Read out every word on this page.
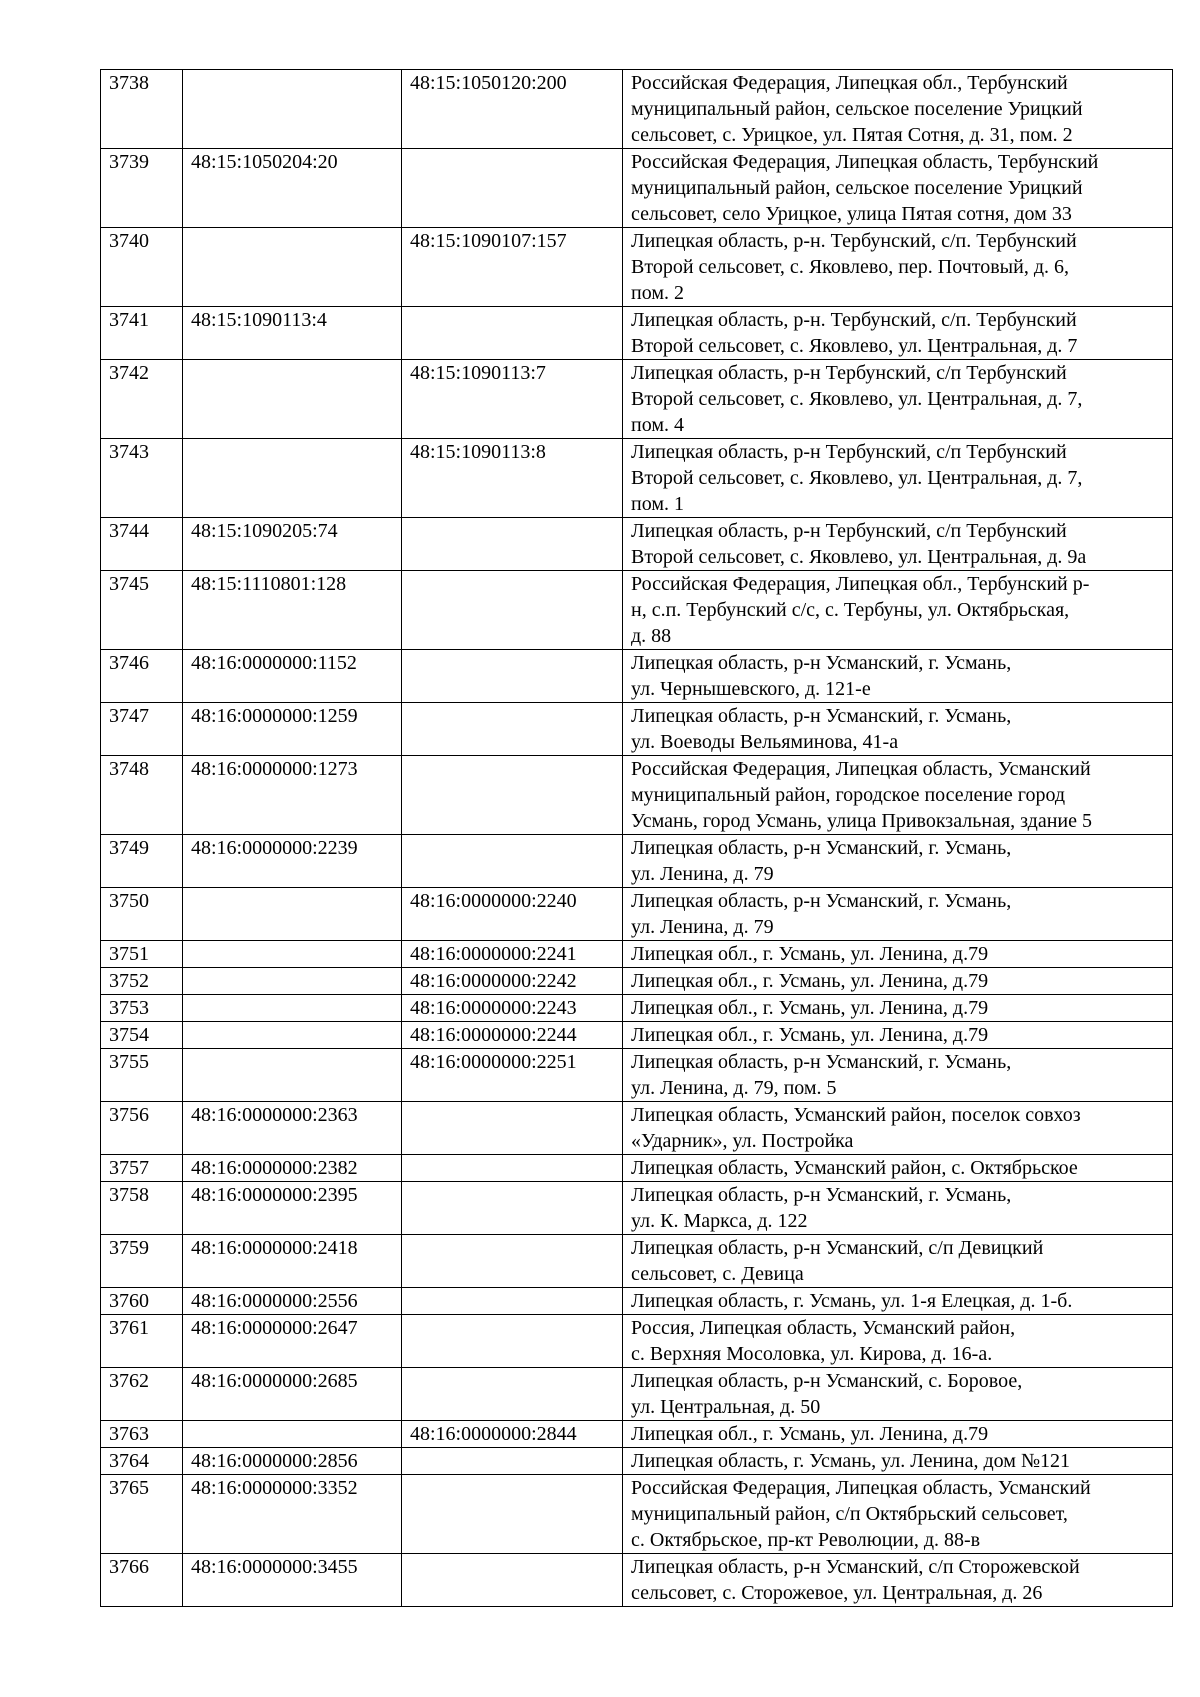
3738		48:15:1050120:200	Российская Федерация, Липецкая обл., Тербунский
муниципальный район, сельское поселение Урицкий
сельсовет, с. Урицкое, ул. Пятая Сотня, д. 31, пом. 2

3739	48:15:1050204:20		Российская Федерация, Липецкая область, Тербунский
муниципальный район, сельское поселение Урицкий
сельсовет, село Урицкое, улица Пятая сотня, дом 33

3740		48:15:1090107:157	Липецкая область, р-н. Тербунский, с/п. Тербунский
Второй сельсовет, с. Яковлево, пер. Почтовый, д. 6,
пом. 2

3741	48:15:1090113:4		Липецкая область, р-н. Тербунский, с/п. Тербунский
Второй сельсовет, с. Яковлево, ул. Центральная, д. 7

3742		48:15:1090113:7	Липецкая область, р-н Тербунский, с/п Тербунский
Второй сельсовет, с. Яковлево, ул. Центральная, д. 7,
пом. 4

3743		48:15:1090113:8	Липецкая область, р-н Тербунский, с/п Тербунский
Второй сельсовет, с. Яковлево, ул. Центральная, д. 7,
пом. 1

3744	48:15:1090205:74		Липецкая область, р-н Тербунский, с/п Тербунский
Второй сельсовет, с. Яковлево, ул. Центральная, д. 9а

3745	48:15:1110801:128		Российская Федерация, Липецкая обл., Тербунский р-
н, с.п. Тербунский с/с, с. Тербуны, ул. Октябрьская,
д. 88

3746	48:16:0000000:1152		Липецкая область, р-н Усманский, г. Усмань,
ул. Чернышевского, д. 121-е

3747	48:16:0000000:1259		Липецкая область, р-н Усманский, г. Усмань,
ул. Воеводы Вельяминова, 41-а

3748	48:16:0000000:1273		Российская Федерация, Липецкая область, Усманский
муниципальный район, городское поселение город
Усмань, город Усмань, улица Привокзальная, здание 5

3749	48:16:0000000:2239		Липецкая область, р-н Усманский, г. Усмань,
ул. Ленина, д. 79

3750		48:16:0000000:2240	Липецкая область, р-н Усманский, г. Усмань,
ул. Ленина, д. 79

3751		48:16:0000000:2241	Липецкая обл., г. Усмань, ул. Ленина, д.79

3752		48:16:0000000:2242	Липецкая обл., г. Усмань, ул. Ленина, д.79

3753		48:16:0000000:2243	Липецкая обл., г. Усмань, ул. Ленина, д.79

3754		48:16:0000000:2244	Липецкая обл., г. Усмань, ул. Ленина, д.79

3755		48:16:0000000:2251	Липецкая область, р-н Усманский, г. Усмань,
ул. Ленина, д. 79, пом. 5

3756	48:16:0000000:2363		Липецкая область, Усманский район, поселок совхоз
«Ударник», ул. Постройка

3757	48:16:0000000:2382		Липецкая область, Усманский район, с. Октябрьское

3758	48:16:0000000:2395		Липецкая область, р-н Усманский, г. Усмань,
ул. К. Маркса, д. 122

3759	48:16:0000000:2418		Липецкая область, р-н Усманский, с/п Девицкий
сельсовет, с. Девица

3760	48:16:0000000:2556		Липецкая область, г. Усмань, ул. 1-я Елецкая, д. 1-б.

3761	48:16:0000000:2647		Россия, Липецкая область, Усманский район,
с. Верхняя Мосоловка, ул. Кирова, д. 16-а.

3762	48:16:0000000:2685		Липецкая область, р-н Усманский, с. Боровое,
ул. Центральная, д. 50

3763		48:16:0000000:2844	Липецкая обл., г. Усмань, ул. Ленина, д.79

3764	48:16:0000000:2856		Липецкая область, г. Усмань, ул. Ленина, дом №121

3765	48:16:0000000:3352		Российская Федерация, Липецкая область, Усманский
муниципальный район, с/п Октябрьский сельсовет,
с. Октябрьское, пр-кт Революции, д. 88-в

3766	48:16:0000000:3455		Липецкая область, р-н Усманский, с/п Сторожевской
сельсовет, с. Сторожевое, ул. Центральная, д. 26
